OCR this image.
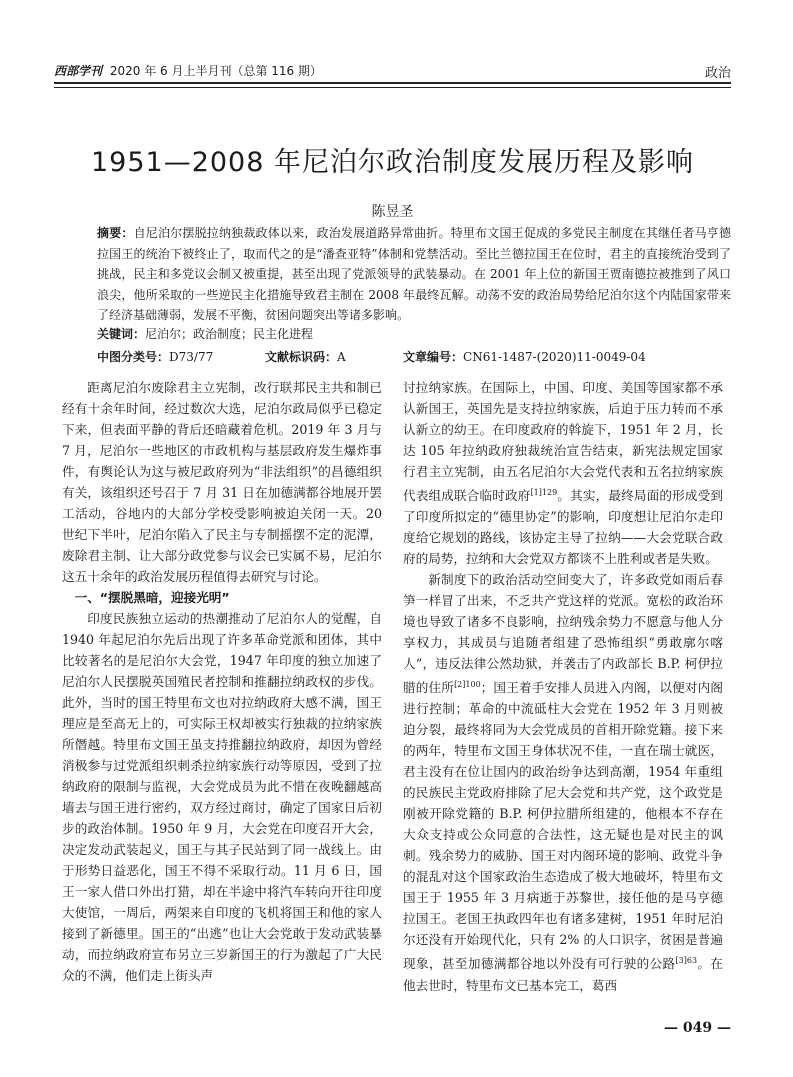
西部学刊 2020 年 6 月上半月刊（总第 116 期）	政治
1951—2008 年尼泊尔政治制度发展历程及影响
陈昱圣
摘要：自尼泊尔摆脱拉纳独裁政体以来，政治发展道路异常曲折。特里布文国王促成的多党民主制度在其继任者马亨德拉国王的统治下被终止了，取而代之的是“潘查亚特”体制和党禁活动。至比兰德拉国王在位时，君主的直接统治受到了挑战，民主和多党议会制又被重提，甚至出现了党派领导的武装暴动。在 2001 年上位的新国王贾南德拉被推到了风口浪尖，他所采取的一些逆民主化措施导致君主制在 2008 年最终瓦解。动荡不安的政治局势给尼泊尔这个内陆国家带来了经济基础薄弱，发展不平衡，贫困问题突出等诸多影响。
关键词：尼泊尔；政治制度；民主化进程
中图分类号：D73/77	文献标识码：A	文章编号：CN61-1487-(2020)11-0049-04

距离尼泊尔废除君主立宪制，改行联邦民主共和制已经有十余年时间，经过数次大选，尼泊尔政局似乎已稳定下来，但表面平静的背后还暗藏着危机。2019 年 3 月与 7 月，尼泊尔一些地区的市政机构与基层政府发生爆炸事件，有舆论认为这与被尼政府列为“非法组织”的昌德组织有关，该组织还号召于 7 月 31 日在加德满都谷地展开罢工活动，谷地内的大部分学校受影响被迫关闭一天。20 世纪下半叶，尼泊尔陷入了民主与专制摇摆不定的泥潭，废除君主制、让大部分政党参与议会已实属不易，尼泊尔这五十余年的政治发展历程值得去研究与讨论。

一、“摆脱黑暗，迎接光明”

印度民族独立运动的热潮推动了尼泊尔人的觉醒，自 1940 年起尼泊尔先后出现了许多革命党派和团体，其中比较著名的是尼泊尔大会党，1947 年印度的独立加速了尼泊尔人民摆脱英国殖民者控制和推翻拉纳政权的步伐。此外，当时的国王特里布文也对拉纳政府大感不满，国王理应是至高无上的，可实际王权却被实行独裁的拉纳家族所僭越。特里布文国王虽支持推翻拉纳政府，却因为曾经消极参与过党派组织刺杀拉纳家族行动等原因，受到了拉纳政府的限制与监视，大会党成员为此不惜在夜晚翻越高墙去与国王进行密约，双方经过商讨，确定了国家日后初步的政治体制。1950 年 9 月，大会党在印度召开大会，决定发动武装起义，国王与其子民站到了同一战线上。由于形势日益恶化，国王不得不采取行动。11 月 6 日，国王一家人借口外出打猎，却在半途中将汽车转向开往印度大使馆，一周后，两架来自印度的飞机将国王和他的家人接到了新德里。国王的“出逃”也让大会党敢于发动武装暴动，而拉纳政府宣布另立三岁新国王的行为激起了广大民众的不满，他们走上街头声

讨拉纳家族。在国际上，中国、印度、美国等国家都不承认新国王，英国先是支持拉纳家族，后迫于压力转而不承认新立的幼王。在印度政府的斡旋下，1951 年 2 月，长达 105 年拉纳政府独裁统治宣告结束，新宪法规定国家行君主立宪制，由五名尼泊尔大会党代表和五名拉纳家族代表组成联合临时政府$^{[1]129}$。其实，最终局面的形成受到了印度所拟定的“德里协定”的影响，印度想让尼泊尔走印度给它规划的路线，该协定主导了拉纳——大会党联合政府的局势，拉纳和大会党双方都谈不上胜利或者是失败。

新制度下的政治活动空间变大了，许多政党如雨后春笋一样冒了出来，不乏共产党这样的党派。宽松的政治环境也导致了诸多不良影响，拉纳残余势力不愿意与他人分享权力，其成员与追随者组建了恐怖组织“勇敢廓尔喀人”，违反法律公然劫狱，并袭击了内政部长 B.P. 柯伊拉腊的住所$^{[2]100}$；国王着手安排人员进入内阁，以便对内阁进行控制；革命的中流砥柱大会党在 1952 年 3 月则被迫分裂，最终将同为大会党成员的首相开除党籍。接下来的两年，特里布文国王身体状况不佳，一直在瑞士就医，君主没有在位让国内的政治纷争达到高潮，1954 年重组的民族民主党政府排除了尼大会党和共产党，这个政党是刚被开除党籍的 B.P. 柯伊拉腊所组建的，他根本不存在大众支持或公众同意的合法性，这无疑也是对民主的讽刺。残余势力的威胁、国王对内阁环境的影响、政党斗争的混乱对这个国家政治生态造成了极大地破坏，特里布文国王于 1955 年 3 月病逝于苏黎世，接任他的是马亨德拉国王。老国王执政四年也有诸多建树，1951 年时尼泊尔还没有开始现代化，只有 2% 的人口识字，贫困是普遍现象，甚至加德满都谷地以外没有可行驶的公路$^{[3]63}$。在他去世时，特里布文已基本完工，葛西

— 049 —
